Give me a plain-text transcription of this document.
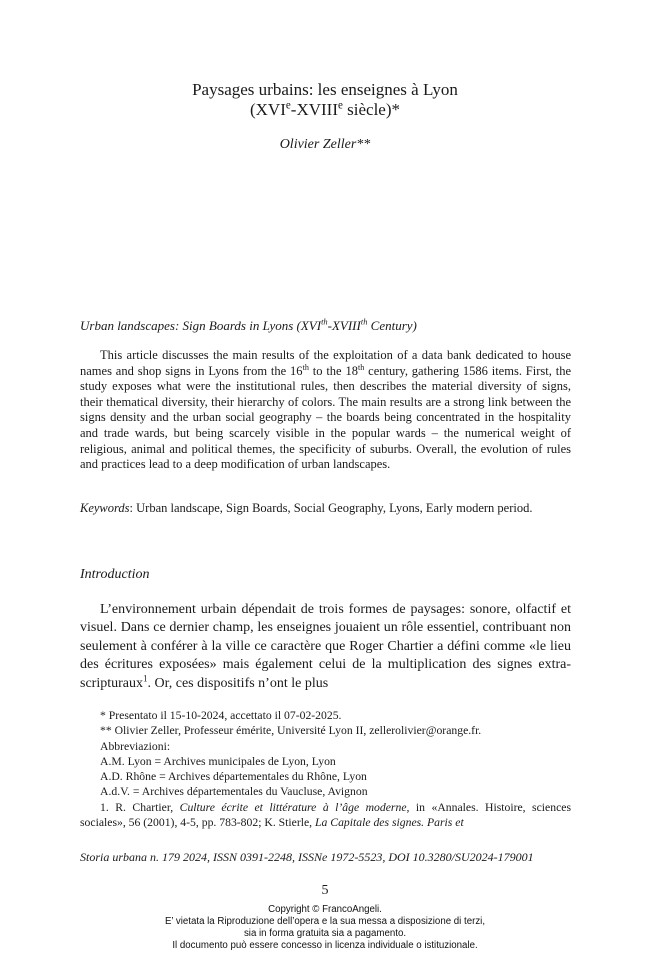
Paysages urbains: les enseignes à Lyon
(XVIe-XVIIIe siècle)*
Olivier Zeller**
Urban landscapes: Sign Boards in Lyons (XVIth-XVIIIth Century)

This article discusses the main results of the exploitation of a data bank dedicated to house names and shop signs in Lyons from the 16th to the 18th century, gathering 1586 items. First, the study exposes what were the institutional rules, then describes the material diversity of signs, their thematical diversity, their hierarchy of colors. The main results are a strong link between the signs density and the urban social geography – the boards being concentrated in the hospitality and trade wards, but being scarcely visible in the popular wards – the numerical weight of religious, animal and political themes, the specificity of suburbs. Overall, the evolution of rules and practices lead to a deep modification of urban landscapes.

Keywords: Urban landscape, Sign Boards, Social Geography, Lyons, Early modern period.

Introduction

L’environnement urbain dépendait de trois formes de paysages: sonore, olfactif et visuel. Dans ce dernier champ, les enseignes jouaient un rôle essentiel, contribuant non seulement à conférer à la ville ce caractère que Roger Chartier a défini comme «le lieu des écritures exposées» mais également celui de la multiplication des signes extra-scripturaux$^1$. Or, ces dispositifs n’ont le plus

* Presentato il 15-10-2024, accettato il 07-02-2025.
** Olivier Zeller, Professeur émérite, Université Lyon II, zellerolivier@orange.fr.
Abbreviazioni:
A.M. Lyon = Archives municipales de Lyon, Lyon
A.D. Rhône = Archives départementales du Rhône, Lyon
A.d.V. = Archives départementales du Vaucluse, Avignon
1. R. Chartier, Culture écrite et littérature à l’âge moderne, in «Annales. Histoire, sciences sociales», 56 (2001), 4-5, pp. 783-802; K. Stierle, La Capitale des signes. Paris et
Storia urbana n. 179 2024, ISSN 0391-2248, ISSNe 1972-5523, DOI 10.3280/SU2024-179001
5
Copyright © FrancoAngeli.
E’ vietata la Riproduzione dell’opera e la sua messa a disposizione di terzi,
sia in forma gratuita sia a pagamento.
Il documento può essere concesso in licenza individuale o istituzionale.
